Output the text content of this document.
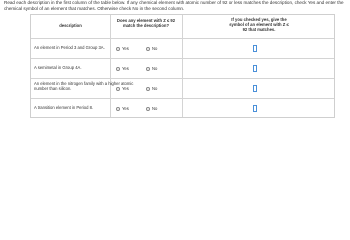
Read each description in the first column of the table below. If any chemical element with atomic number of 92 or less matches the description, check Yes and enter the chemical symbol of an element that matches. Otherwise check No in the second column.
description
Does any element with Z ≤ 92 match the description?
If you checked yes, give the symbol of an element with Z ≤ 92 that matches.
An element in Period 3 and Group 3A.	Yes	No
A semimetal in Group 4A.	Yes	No
An element in the nitrogen family with a higher atomic number than silicon.	Yes	No
A transition element in Period 8.	Yes	No
